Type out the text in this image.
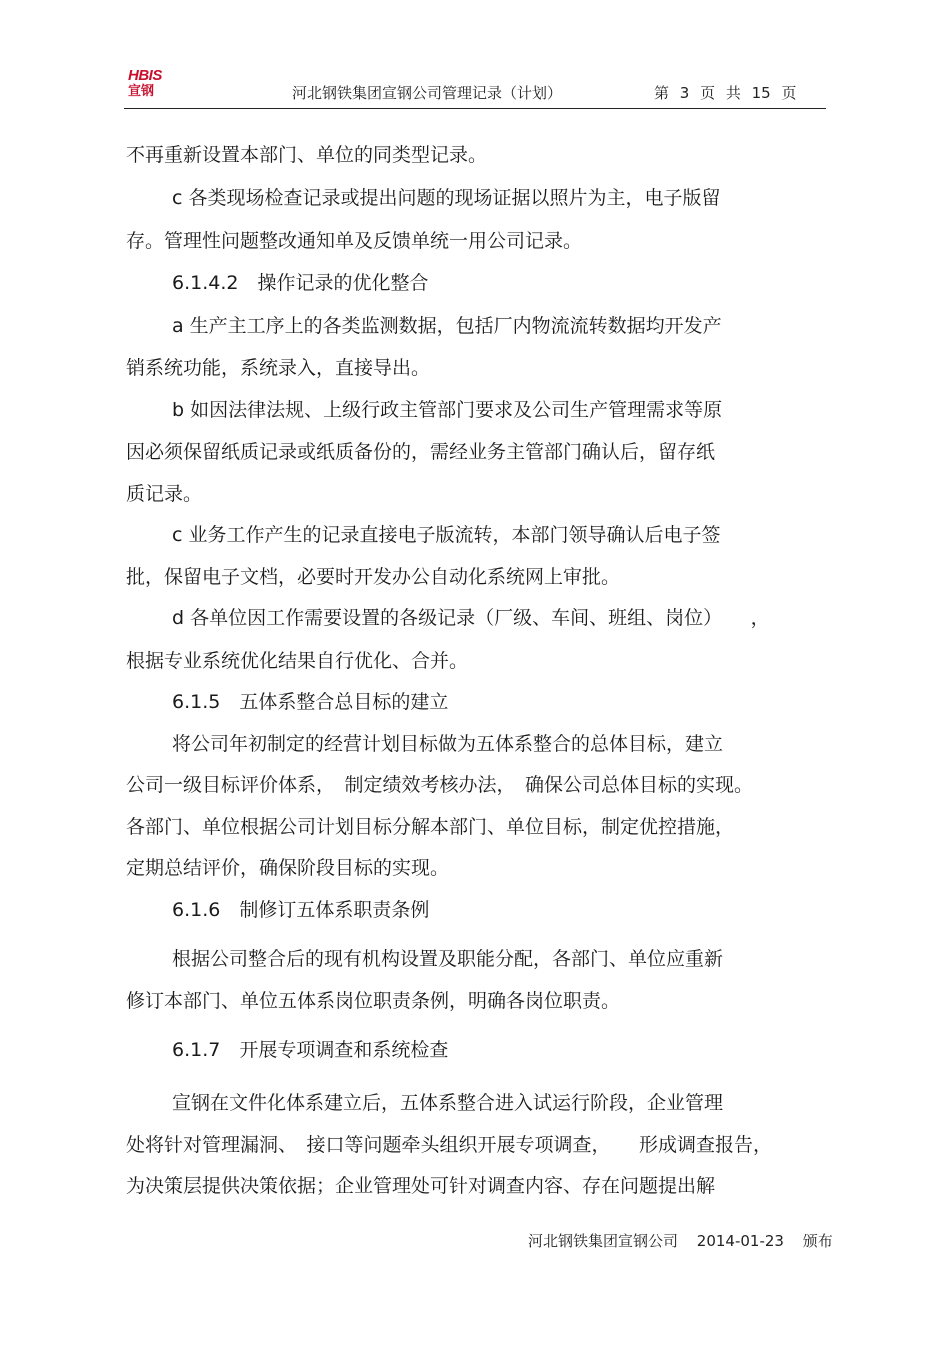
HBIS
宣钢	河北钢铁集团宣钢公司管理记录（计划）	第 3 页 共 15 页
不再重新设置本部门、单位的同类型记录。
c 各类现场检查记录或提出问题的现场证据以照片为主，电子版留
存。管理性问题整改通知单及反馈单统一用公司记录。
6.1.4.2　操作记录的优化整合
a 生产主工序上的各类监测数据，包括厂内物流流转数据均开发产
销系统功能，系统录入，直接导出。
b 如因法律法规、上级行政主管部门要求及公司生产管理需求等原
因必须保留纸质记录或纸质备份的，需经业务主管部门确认后，留存纸
质记录。
c 业务工作产生的记录直接电子版流转，本部门领导确认后电子签
批，保留电子文档，必要时开发办公自动化系统网上审批。
d 各单位因工作需要设置的各级记录（厂级、车间、班组、岗位）　　，
根据专业系统优化结果自行优化、合并。
6.1.5　五体系整合总目标的建立
将公司年初制定的经营计划目标做为五体系整合的总体目标，建立
公司一级目标评价体系，　制定绩效考核办法，　确保公司总体目标的实现。
各部门、单位根据公司计划目标分解本部门、单位目标，制定优控措施，
定期总结评价，确保阶段目标的实现。
6.1.6　制修订五体系职责条例
根据公司整合后的现有机构设置及职能分配，各部门、单位应重新
修订本部门、单位五体系岗位职责条例，明确各岗位职责。
6.1.7　开展专项调查和系统检查
宣钢在文件化体系建立后，五体系整合进入试运行阶段，企业管理
处将针对管理漏洞、　接口等问题牵头组织开展专项调查，　　形成调查报告，
为决策层提供决策依据；企业管理处可针对调查内容、存在问题提出解
河北钢铁集团宣钢公司 2014-01-23 颁布
